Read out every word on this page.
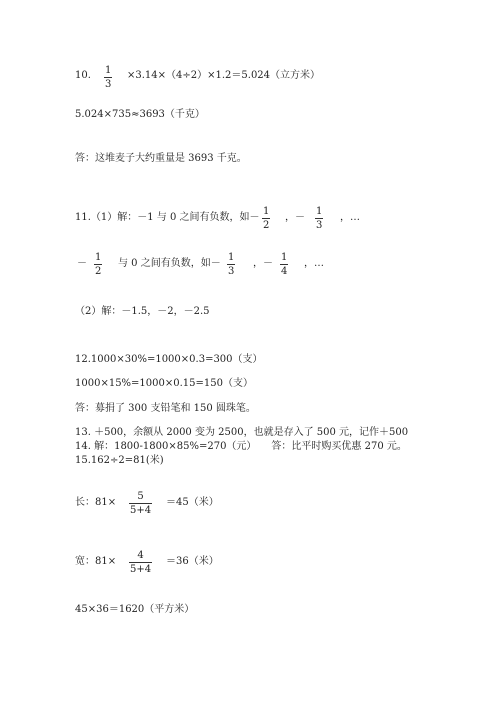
10. 1
3
×3.14×（4÷2）×1.2＝5.024（立方米）
5.024×735≈3693（千克）
答：这堆麦子大约重量是 3693 千克。
11.（1）解：－1 与 0 之间有负数，如－
1
2
，－
1
3
，…
－
1
2
与 0 之间有负数，如－
1
3
，－
1
4
，…
（2）解：－1.5，－2，－2.5
12.1000×30%=1000×0.3=300（支）
1000×15%=1000×0.15=150（支）
答：募捐了 300 支铅笔和 150 圆珠笔。
13. ＋500，余额从 2000 变为 2500，也就是存入了 500 元，记作＋500
14. 解：1800-1800×85%=270（元）　　答：比平时购买优惠 270 元。
15.162÷2=81(米)
长：81×
5
5+4
＝45（米）
宽：81×
4
5+4
＝36（米）
45×36＝1620（平方米）
